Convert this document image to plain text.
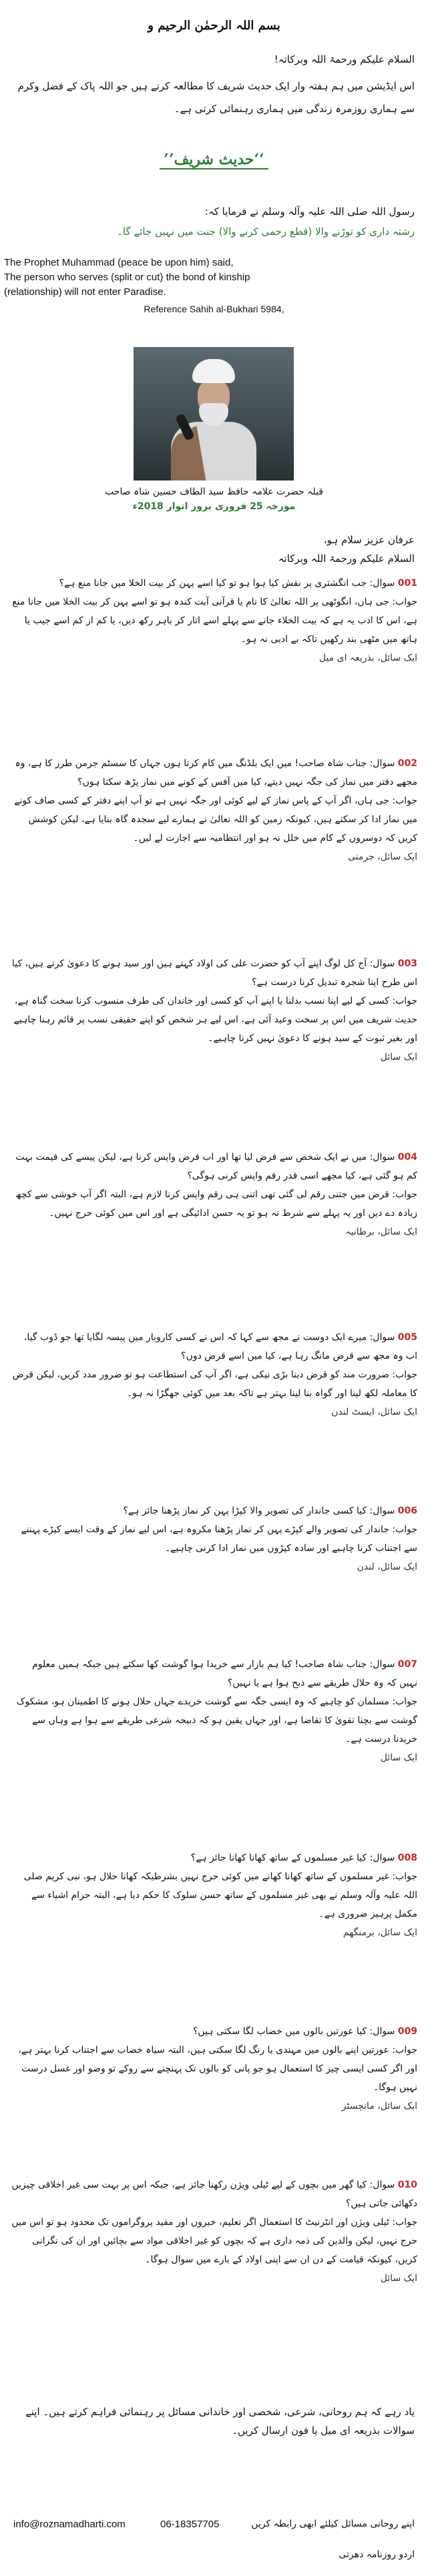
بسم اللہ الرحمٰن الرحیم و
السلام علیکم ورحمۃ اللہ وبرکاتہ!
اس ایڈیشن میں ہم ہفتہ وار ایک حدیث شریف کا مطالعہ کرتے ہیں جو اللہ پاک کے فضل وکرم سے ہماری روزمرہ زندگی میں ہماری رہنمائی کرتی ہے۔
’’حدیث شریف‘‘
رسول اللہ صلی اللہ علیہ وآلہ وسلم نے فرمایا کہ:
رشتہ داری کو توڑنے والا (قطع رحمی کرنے والا) جنت میں نہیں جائے گا۔
The Prophet Muhammad (peace be upon him) said,
The person who serves (split or cut) the bond of kinship
(relationship) will not enter Paradise.
Reference Sahih al-Bukhari 5984,
قبلہ حضرت علامہ حافظ سید الطاف حسین شاہ صاحب
مورخہ 25 فروری بروز اتوار 2018ء
عرفان عزیز سلام ہو،
السلام علیکم ورحمۃ اللہ وبرکاتہ
001 سوال: جب انگشتری پر نقش کیا ہوا ہو تو کیا اسے پہن کر بیت الخلا میں جانا منع ہے؟
جواب: جی ہاں، انگوٹھی پر اللہ تعالیٰ کا نام یا قرآنی آیت کندہ ہو تو اسے پہن کر بیت الخلا میں جانا منع ہے، اس کا ادب یہ ہے کہ بیت الخلاء جانے سے پہلے اسے اتار کر باہر رکھ دیں، یا کم از کم اسے جیب یا ہاتھ میں مٹھی بند رکھیں تاکہ بے ادبی نہ ہو۔
ایک سائل، بذریعہ ای میل
002 سوال: جناب شاہ صاحب! میں ایک بلڈنگ میں کام کرتا ہوں جہاں کا سسٹم جرمن طرز کا ہے، وہ مجھے دفتر میں نماز کی جگہ نہیں دیتے، کیا میں آفس کے کونے میں نماز پڑھ سکتا ہوں؟
جواب: جی ہاں، اگر آپ کے پاس نماز کے لیے کوئی اور جگہ نہیں ہے تو آپ اپنے دفتر کے کسی صاف کونے میں نماز ادا کر سکتے ہیں، کیونکہ زمین کو اللہ تعالیٰ نے ہمارے لیے سجدہ گاہ بنایا ہے، لیکن کوشش کریں کہ دوسروں کے کام میں خلل نہ ہو اور انتظامیہ سے اجازت لے لیں۔
ایک سائل، جرمنی
003 سوال: آج کل لوگ اپنے آپ کو حضرت علی کی اولاد کہتے ہیں اور سید ہونے کا دعویٰ کرتے ہیں، کیا اس طرح اپنا شجرہ تبدیل کرنا درست ہے؟
جواب: کسی کے لیے اپنا نسب بدلنا یا اپنے آپ کو کسی اور خاندان کی طرف منسوب کرنا سخت گناہ ہے، حدیث شریف میں اس پر سخت وعید آئی ہے، اس لیے ہر شخص کو اپنے حقیقی نسب پر قائم رہنا چاہیے اور بغیر ثبوت کے سید ہونے کا دعویٰ نہیں کرنا چاہیے۔
ایک سائل
004 سوال: میں نے ایک شخص سے قرض لیا تھا اور اب قرض واپس کرنا ہے، لیکن پیسے کی قیمت بہت کم ہو گئی ہے، کیا مجھے اسی قدر رقم واپس کرنی ہوگی؟
جواب: قرض میں جتنی رقم لی گئی تھی اتنی ہی رقم واپس کرنا لازم ہے، البتہ اگر آپ خوشی سے کچھ زیادہ دے دیں اور یہ پہلے سے شرط نہ ہو تو یہ حسن ادائیگی ہے اور اس میں کوئی حرج نہیں۔
ایک سائل، برطانیہ
005 سوال: میرے ایک دوست نے مجھ سے کہا کہ اس نے کسی کاروبار میں پیسہ لگایا تھا جو ڈوب گیا، اب وہ مجھ سے قرض مانگ رہا ہے، کیا میں اسے قرض دوں؟
جواب: ضرورت مند کو قرض دینا بڑی نیکی ہے، اگر آپ کی استطاعت ہو تو ضرور مدد کریں، لیکن قرض کا معاملہ لکھ لینا اور گواہ بنا لینا بہتر ہے تاکہ بعد میں کوئی جھگڑا نہ ہو۔
ایک سائل، ایسٹ لندن
006 سوال: کیا کسی جاندار کی تصویر والا کپڑا پہن کر نماز پڑھنا جائز ہے؟
جواب: جاندار کی تصویر والے کپڑے پہن کر نماز پڑھنا مکروہ ہے، اس لیے نماز کے وقت ایسے کپڑے پہننے سے اجتناب کرنا چاہیے اور سادہ کپڑوں میں نماز ادا کرنی چاہیے۔
ایک سائل، لندن
007 سوال: جناب شاہ صاحب! کیا ہم بازار سے خریدا ہوا گوشت کھا سکتے ہیں جبکہ ہمیں معلوم نہیں کہ وہ حلال طریقے سے ذبح ہوا ہے یا نہیں؟
جواب: مسلمان کو چاہیے کہ وہ ایسی جگہ سے گوشت خریدے جہاں حلال ہونے کا اطمینان ہو، مشکوک گوشت سے بچنا تقویٰ کا تقاضا ہے، اور جہاں یقین ہو کہ ذبیحہ شرعی طریقے سے ہوا ہے وہاں سے خریدنا درست ہے۔
ایک سائل
008 سوال: کیا غیر مسلموں کے ساتھ کھانا کھانا جائز ہے؟
جواب: غیر مسلموں کے ساتھ کھانا کھانے میں کوئی حرج نہیں بشرطیکہ کھانا حلال ہو، نبی کریم صلی اللہ علیہ وآلہ وسلم نے بھی غیر مسلموں کے ساتھ حسن سلوک کا حکم دیا ہے، البتہ حرام اشیاء سے مکمل پرہیز ضروری ہے۔
ایک سائل، برمنگھم
009 سوال: کیا عورتیں بالوں میں خضاب لگا سکتی ہیں؟
جواب: عورتیں اپنے بالوں میں مہندی یا رنگ لگا سکتی ہیں، البتہ سیاہ خضاب سے اجتناب کرنا بہتر ہے، اور اگر کسی ایسی چیز کا استعمال ہو جو پانی کو بالوں تک پہنچنے سے روکے تو وضو اور غسل درست نہیں ہوگا۔
ایک سائل، مانچسٹر
010 سوال: کیا گھر میں بچوں کے لیے ٹیلی ویژن رکھنا جائز ہے، جبکہ اس پر بہت سی غیر اخلاقی چیزیں دکھائی جاتی ہیں؟
جواب: ٹیلی ویژن اور انٹرنیٹ کا استعمال اگر تعلیم، خبروں اور مفید پروگراموں تک محدود ہو تو اس میں حرج نہیں، لیکن والدین کی ذمہ داری ہے کہ بچوں کو غیر اخلاقی مواد سے بچائیں اور ان کی نگرانی کریں، کیونکہ قیامت کے دن ان سے اپنی اولاد کے بارے میں سوال ہوگا۔
ایک سائل
یاد رہے کہ ہم روحانی، شرعی، شخصی اور خاندانی مسائل پر رہنمائی فراہم کرتے ہیں۔ اپنے سوالات بذریعہ ای میل یا فون ارسال کریں۔
info@roznamadharti.com	06-18357705	اپنے روحانی مسائل کیلئے ابھی رابطہ کریں
اردو روزنامہ دھرتی
